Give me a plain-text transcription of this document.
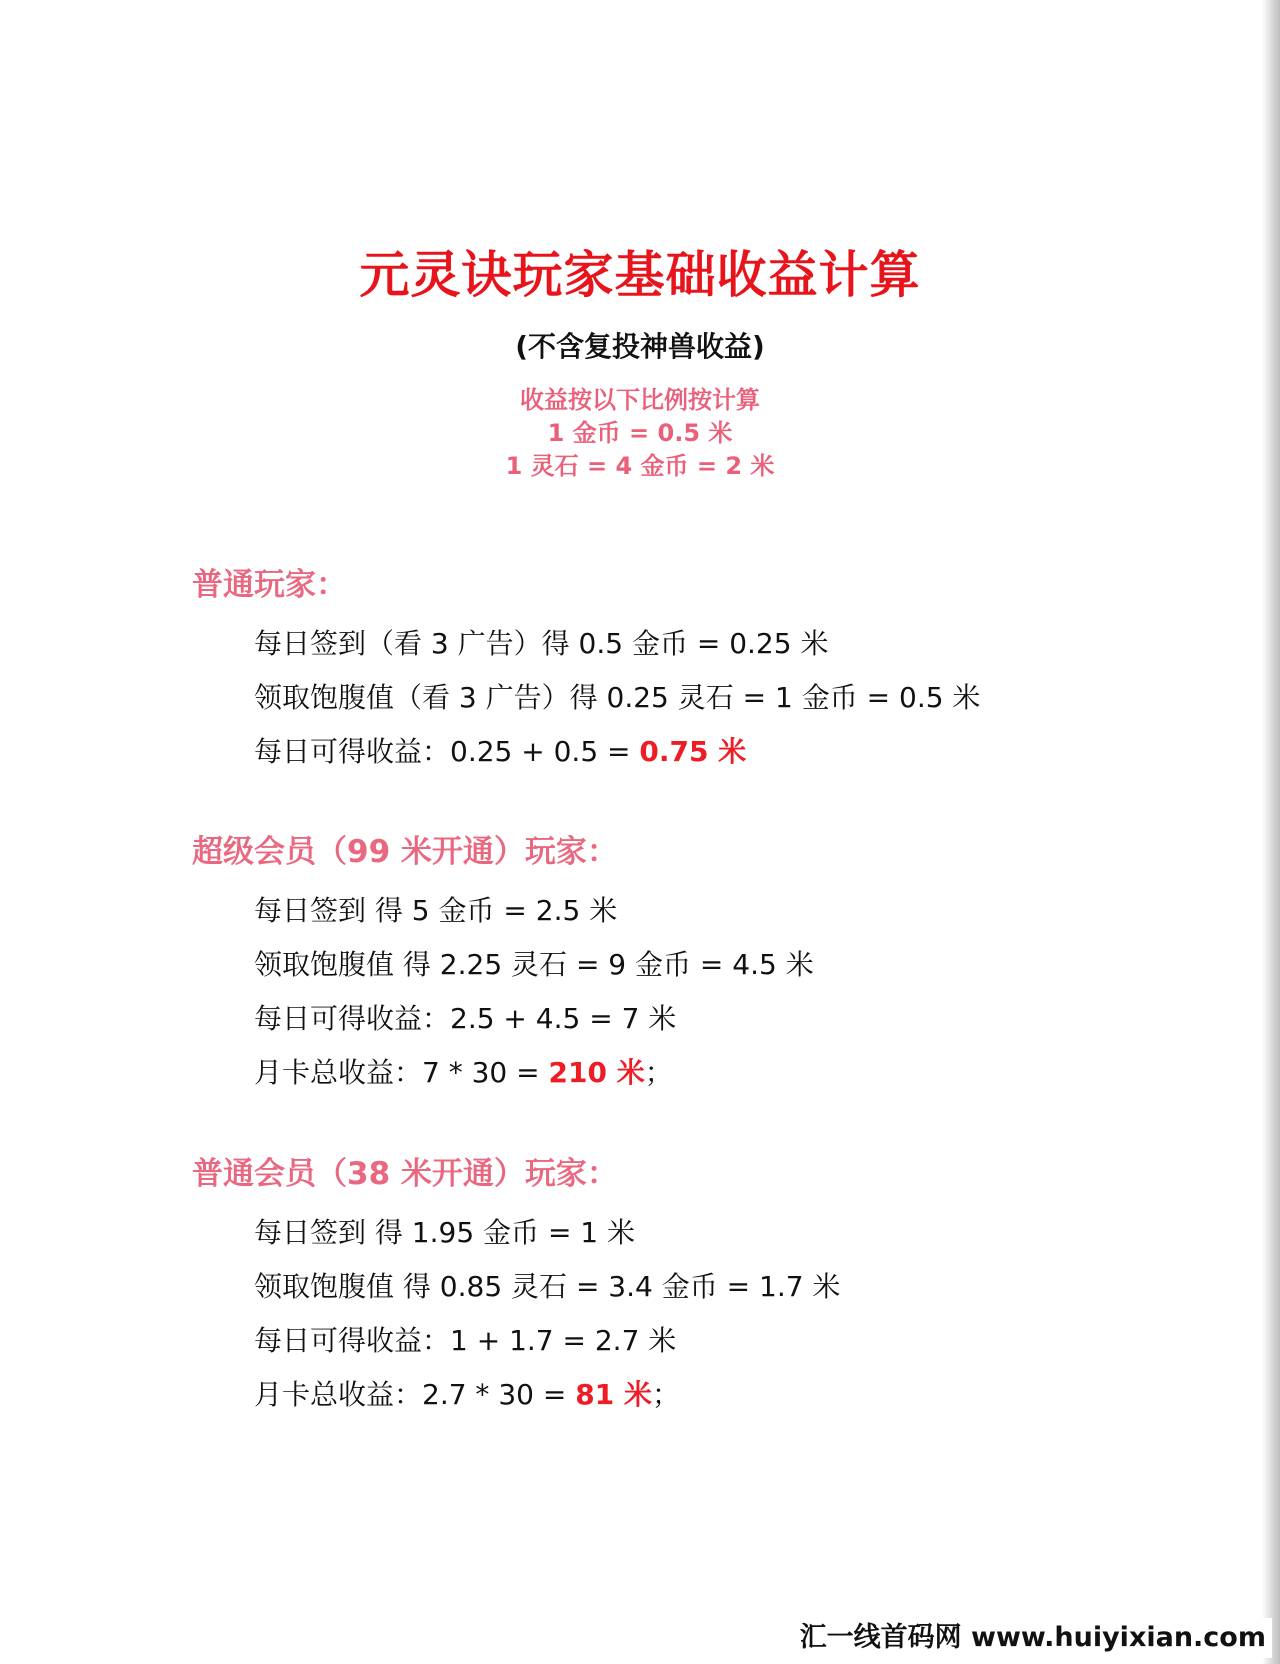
元灵诀玩家基础收益计算
(不含复投神兽收益)
收益按以下比例按计算
1 金币 = 0.5 米
1 灵石 = 4 金币 = 2 米
普通玩家：
每日签到（看 3 广告）得 0.5 金币 = 0.25 米
领取饱腹值（看 3 广告）得 0.25 灵石 = 1 金币 = 0.5 米
每日可得收益：0.25 + 0.5 = 0.75 米
超级会员（99 米开通）玩家：
每日签到 得 5 金币 = 2.5 米
领取饱腹值 得 2.25 灵石 = 9 金币 = 4.5 米
每日可得收益：2.5 + 4.5 = 7 米
月卡总收益：7 * 30 = 210 米；
普通会员（38 米开通）玩家：
每日签到 得 1.95 金币 = 1 米
领取饱腹值 得 0.85 灵石 = 3.4 金币 = 1.7 米
每日可得收益：1 + 1.7 = 2.7 米
月卡总收益：2.7 * 30 = 81 米；
汇一线首码网 www.huiyixian.com
